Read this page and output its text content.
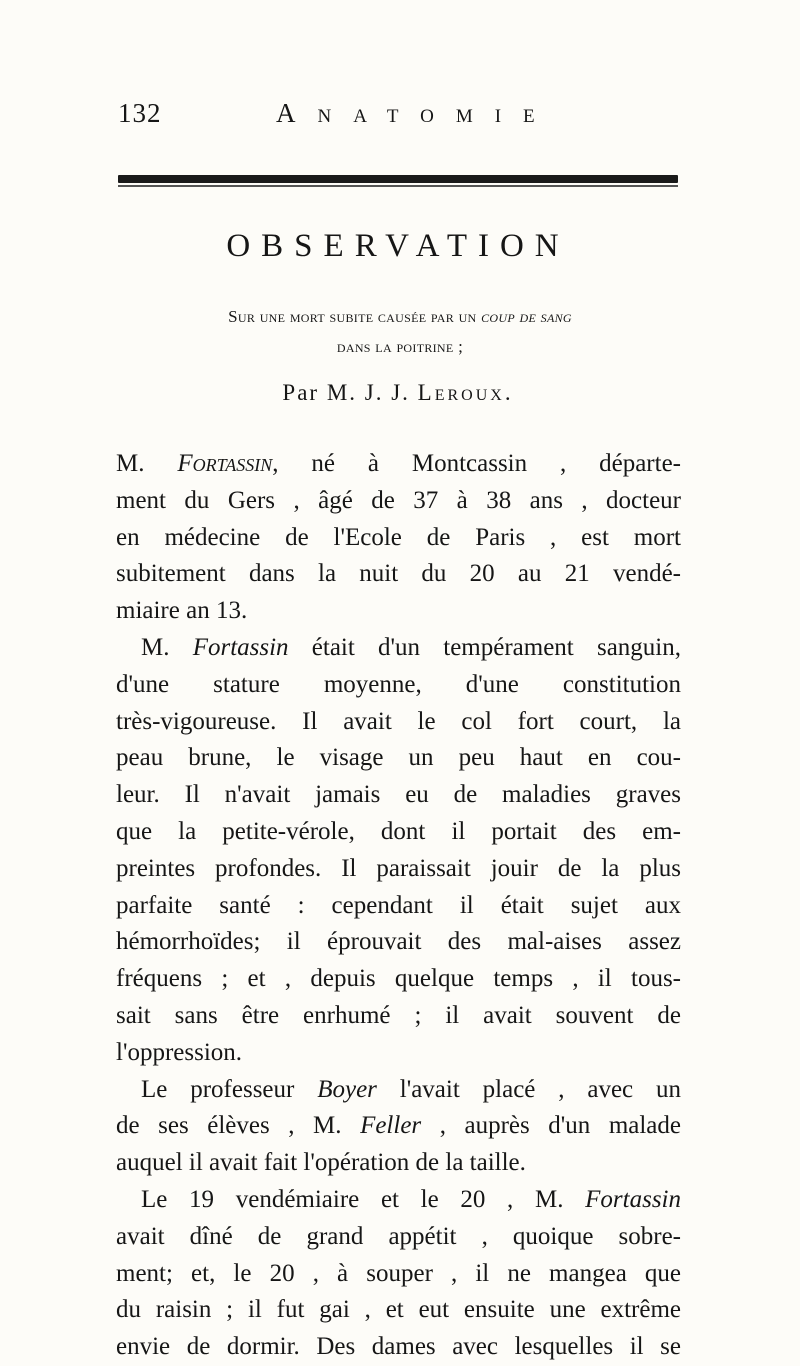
132	Anatomie
OBSERVATION
Sur une mort subite causée par un coup de sang
dans la poitrine ;
Par M. J. J. Leroux.
M. Fortassin, né à Montcassin , départe-
ment du Gers , âgé de 37 à 38 ans , docteur
en médecine de l'Ecole de Paris , est mort
subitement dans la nuit du 20 au 21 vendé-
miaire an 13.
M. Fortassin était d'un tempérament sanguin,
d'une stature moyenne, d'une constitution
très-vigoureuse. Il avait le col fort court, la
peau brune, le visage un peu haut en cou-
leur. Il n'avait jamais eu de maladies graves
que la petite-vérole, dont il portait des em-
preintes profondes. Il paraissait jouir de la plus
parfaite santé : cependant il était sujet aux
hémorrhoïdes; il éprouvait des mal-aises assez
fréquens ; et , depuis quelque temps , il tous-
sait sans être enrhumé ; il avait souvent de
l'oppression.
Le professeur Boyer l'avait placé , avec un
de ses élèves , M. Feller , auprès d'un malade
auquel il avait fait l'opération de la taille.
Le 19 vendémiaire et le 20 , M. Fortassin
avait dîné de grand appétit , quoique sobre-
ment; et, le 20 , à souper , il ne mangea que
du raisin ; il fut gai , et eut ensuite une extrême
envie de dormir. Des dames avec lesquelles il se
